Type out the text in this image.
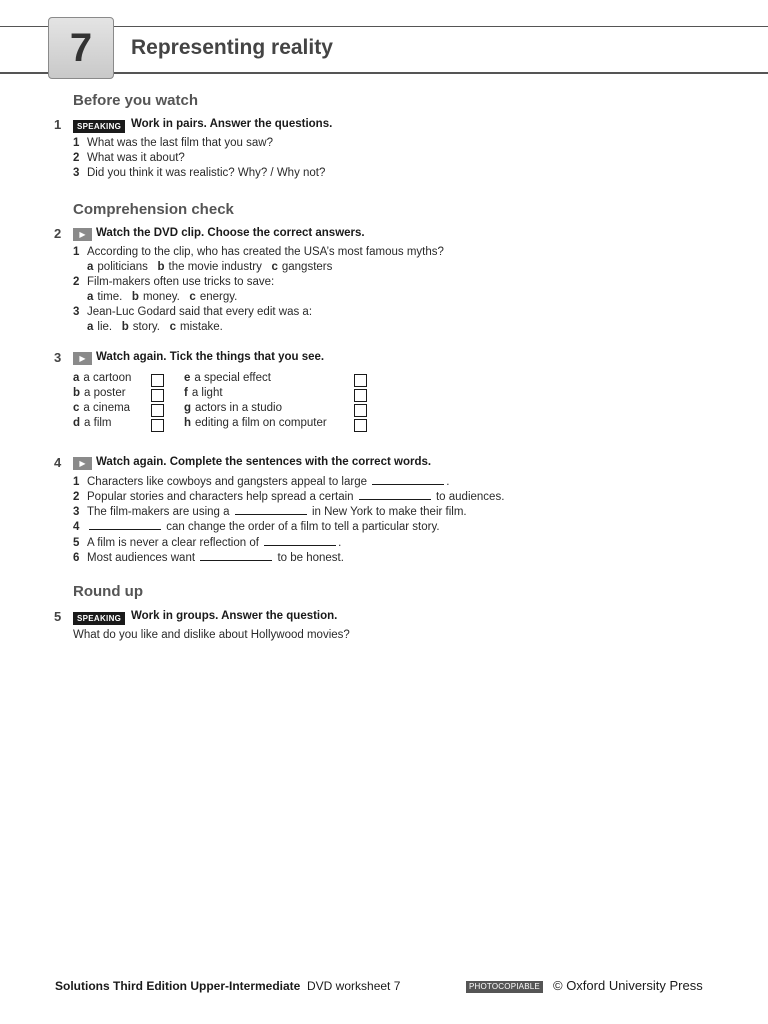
7 Representing reality
Before you watch
1	SPEAKING Work in pairs. Answer the questions.
1 What was the last film that you saw?
2 What was it about?
3 Did you think it was realistic? Why? / Why not?
Comprehension check
2	▶ Watch the DVD clip. Choose the correct answers.
1 According to the clip, who has created the USA’s most famous myths?
a politicians b the movie industry c gangsters
2 Film-makers often use tricks to save:
a time. b money. c energy.
3 Jean-Luc Godard said that every edit was a:
a lie. b story. c mistake.
3	▶ Watch again. Tick the things that you see.
a a cartoon
b a poster
c a cinema
d a film
e a special effect
f a light
g actors in a studio
h editing a film on computer
4	▶ Watch again. Complete the sentences with the correct words.
1 Characters like cowboys and gangsters appeal to large	.
2 Popular stories and characters help spread a certain	to audiences.
3 The film-makers are using a	in New York to make their film.
4	can change the order of a film to tell a particular story.
5 A film is never a clear reflection of	.
6 Most audiences want	to be honest.
Round up
5	SPEAKING Work in groups. Answer the question.
What do you like and dislike about Hollywood movies?
Solutions Third Edition Upper-Intermediate DVD worksheet 7	PHOTOCOPIABLE © Oxford University Press
